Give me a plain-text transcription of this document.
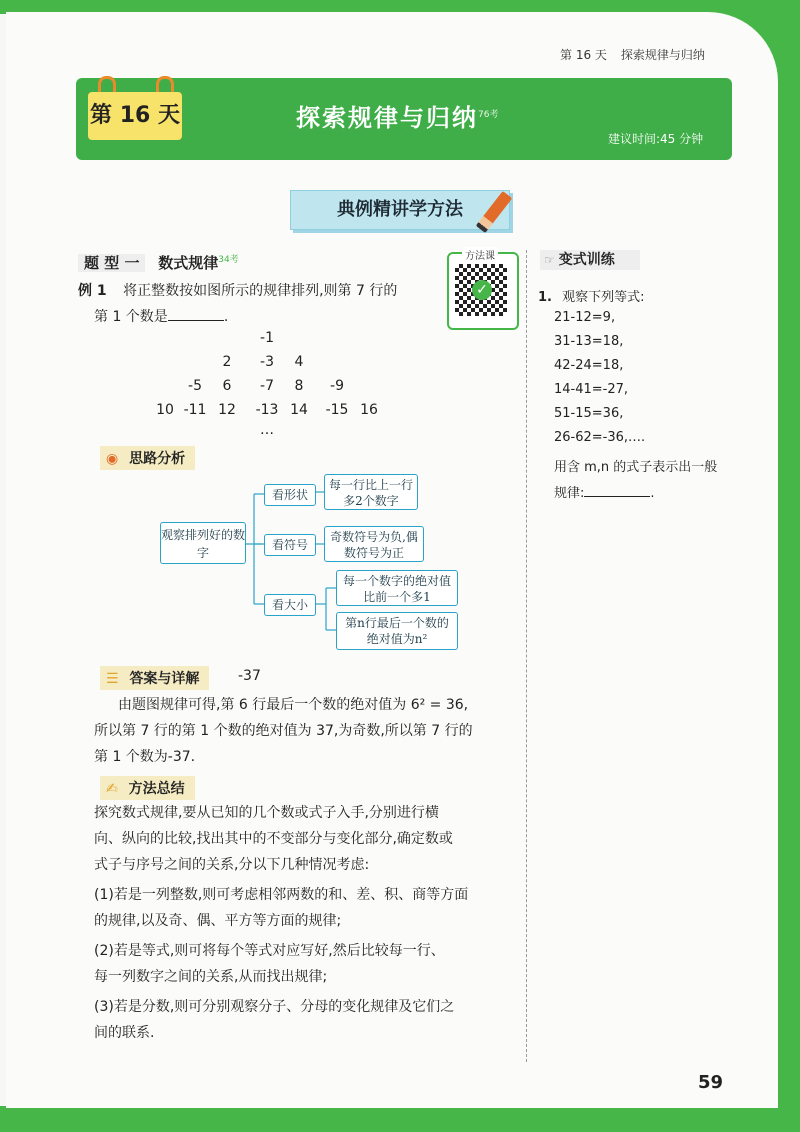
第 16 天 探索规律与归纳
第 16 天	探索规律与归纳$^{76考}$
建议时间:45 分钟
典例精讲学方法
题 型 一 数式规律$^{34考}$	方法课
✓
例 1 将正整数按如图所示的规律排列,则第 7 行的
第 1 个数是	.
-1
2	-3	4
-5	6	-7	8	-9
10 -11 12	-13 14	-15 16
…
◉ 思路分析
观察排列好的数字
看形状
看符号
看大小
每一行比上一行多2个数字
奇数符号为负,偶数符号为正
每一个数字的绝对值比前一个多1
第n行最后一个数的绝对值为n²
☰ 答案与详解	-37
由题图规律可得,第 6 行最后一个数的绝对值为 6² = 36,
所以第 7 行的第 1 个数的绝对值为 37,为奇数,所以第 7 行的
第 1 个数为-37.
✍ 方法总结
探究数式规律,要从已知的几个数或式子入手,分别进行横
向、纵向的比较,找出其中的不变部分与变化部分,确定数或
式子与序号之间的关系,分以下几种情况考虑:
(1)若是一列整数,则可考虑相邻两数的和、差、积、商等方面
的规律,以及奇、偶、平方等方面的规律;
(2)若是等式,则可将每个等式对应写好,然后比较每一行、
每一列数字之间的关系,从而找出规律;
(3)若是分数,则可分别观察分子、分母的变化规律及它们之
间的联系.
☞ 变式训练
1. 观察下列等式:
21-12=9,
31-13=18,
42-24=18,
14-41=-27,
51-15=36,
26-62=-36,….
用含 m,n 的式子表示出一般
规律:	.
59
